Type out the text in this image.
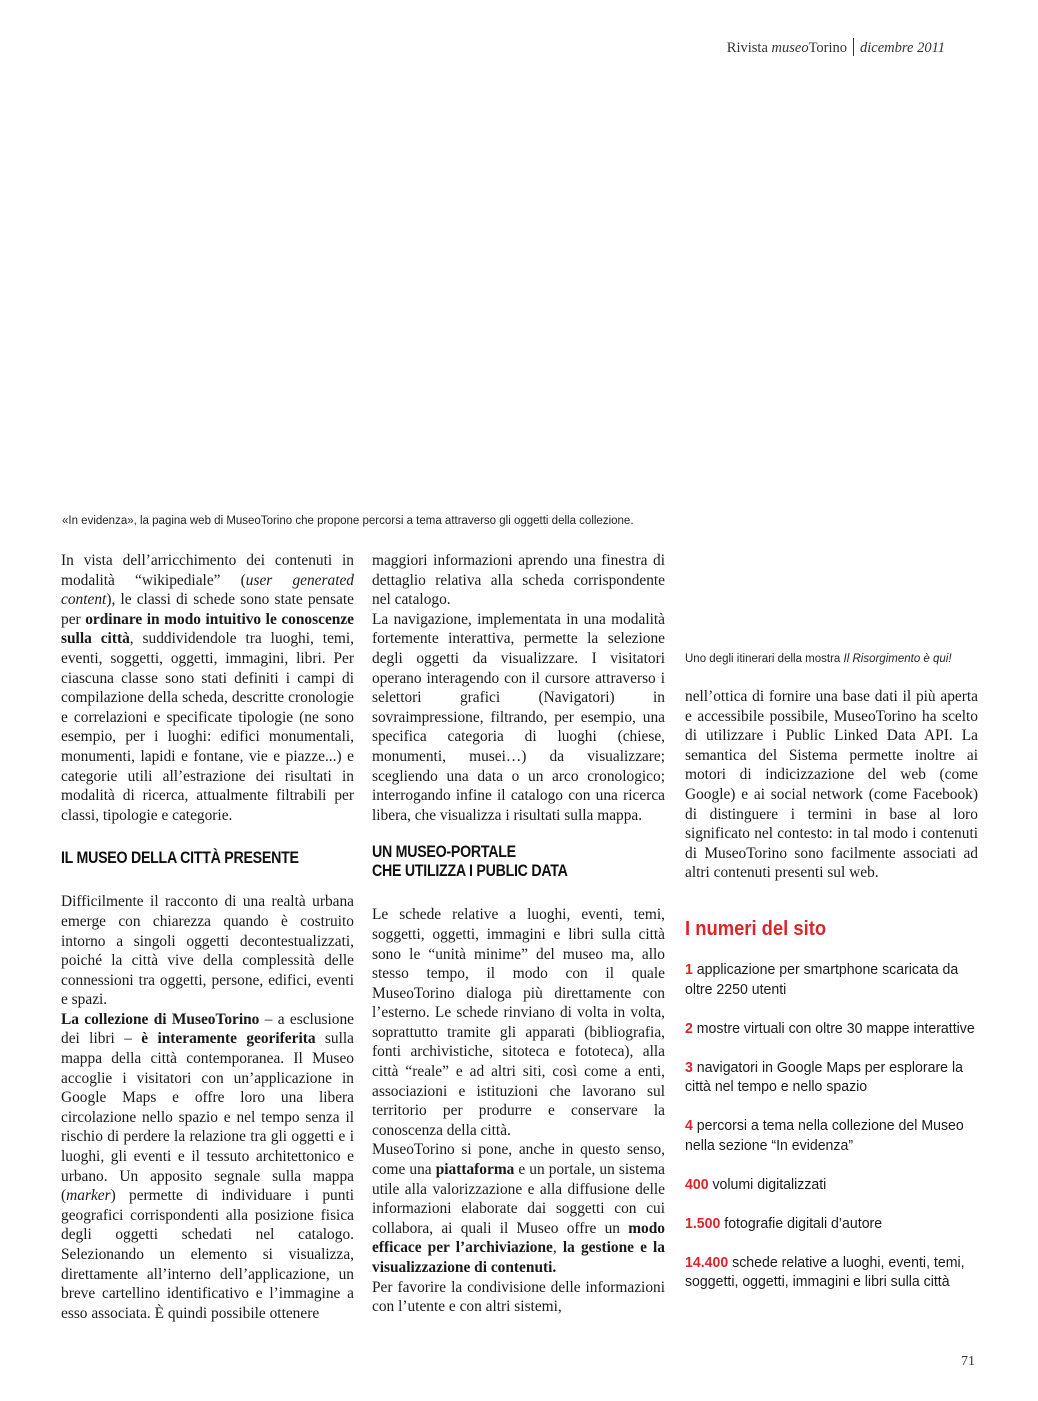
Rivista museoTorino dicembre 2011
«In evidenza», la pagina web di MuseoTorino che propone percorsi a tema attraverso gli oggetti della collezione.
Uno degli itinerari della mostra Il Risorgimento è qui!

In vista dell’arricchimento dei contenuti in modalità “wikipediale” (user generated content), le classi di schede sono state pensate per ordinare in modo intuitivo le conoscenze sulla città, suddividendole tra luoghi, temi, eventi, soggetti, oggetti, immagini, libri. Per ciascuna classe sono stati definiti i campi di compilazione della scheda, descritte cronologie e correlazioni e specificate tipologie (ne sono esempio, per i luoghi: edifici monumentali, monumenti, lapidi e fontane, vie e piazze...) e categorie utili all’estrazione dei risultati in modalità di ricerca, attualmente filtrabili per classi, tipologie e categorie.

IL MUSEO DELLA CITTÀ PRESENTE

Difficilmente il racconto di una realtà urbana emerge con chiarezza quando è costruito intorno a singoli oggetti decontestualizzati, poiché la città vive della complessità delle connessioni tra oggetti, persone, edifici, eventi e spazi.

La collezione di MuseoTorino – a esclusione dei libri – è interamente georiferita sulla mappa della città contemporanea. Il Museo accoglie i visitatori con un’applicazione in Google Maps e offre loro una libera circolazione nello spazio e nel tempo senza il rischio di perdere la relazione tra gli oggetti e i luoghi, gli eventi e il tessuto architettonico e urbano. Un apposito segnale sulla mappa (marker) permette di individuare i punti geografici corrispondenti alla posizione fisica degli oggetti schedati nel catalogo. Selezionando un elemento si visualizza, direttamente all’interno dell’applicazione, un breve cartellino identificativo e l’immagine a esso associata. È quindi possibile ottenere

maggiori informazioni aprendo una finestra di dettaglio relativa alla scheda corrispondente nel catalogo.

La navigazione, implementata in una modalità fortemente interattiva, permette la selezione degli oggetti da visualizzare. I visitatori operano interagendo con il cursore attraverso i selettori grafici (Navigatori) in sovraimpressione, filtrando, per esempio, una specifica categoria di luoghi (chiese, monumenti, musei…) da visualizzare; scegliendo una data o un arco cronologico; interrogando infine il catalogo con una ricerca libera, che visualizza i risultati sulla mappa.

UN MUSEO-PORTALE
CHE UTILIZZA I PUBLIC DATA

Le schede relative a luoghi, eventi, temi, soggetti, oggetti, immagini e libri sulla città sono le “unità minime” del museo ma, allo stesso tempo, il modo con il quale MuseoTorino dialoga più direttamente con l’esterno. Le schede rinviano di volta in volta, soprattutto tramite gli apparati (bibliografia, fonti archivistiche, sitoteca e fototeca), alla città “reale” e ad altri siti, così come a enti, associazioni e istituzioni che lavorano sul territorio per produrre e conservare la conoscenza della città.

MuseoTorino si pone, anche in questo senso, come una piattaforma e un portale, un sistema utile alla valorizzazione e alla diffusione delle informazioni elaborate dai soggetti con cui collabora, ai quali il Museo offre un modo efficace per l’archiviazione, la gestione e la visualizzazione di contenuti.

Per favorire la condivisione delle informazioni con l’utente e con altri sistemi,

nell’ottica di fornire una base dati il più aperta e accessibile possibile, MuseoTorino ha scelto di utilizzare i Public Linked Data API. La semantica del Sistema permette inoltre ai motori di indicizzazione del web (come Google) e ai social network (come Facebook) di distinguere i termini in base al loro significato nel contesto: in tal modo i contenuti di MuseoTorino sono facilmente associati ad altri contenuti presenti sul web.

I numeri del sito
1 applicazione per smartphone scaricata da oltre 2250 utenti
2 mostre virtuali con oltre 30 mappe interattive
3 navigatori in Google Maps per esplorare la città nel tempo e nello spazio
4 percorsi a tema nella collezione del Museo nella sezione “In evidenza”
400 volumi digitalizzati
1.500 fotografie digitali d’autore
14.400 schede relative a luoghi, eventi, temi, soggetti, oggetti, immagini e libri sulla città
71
